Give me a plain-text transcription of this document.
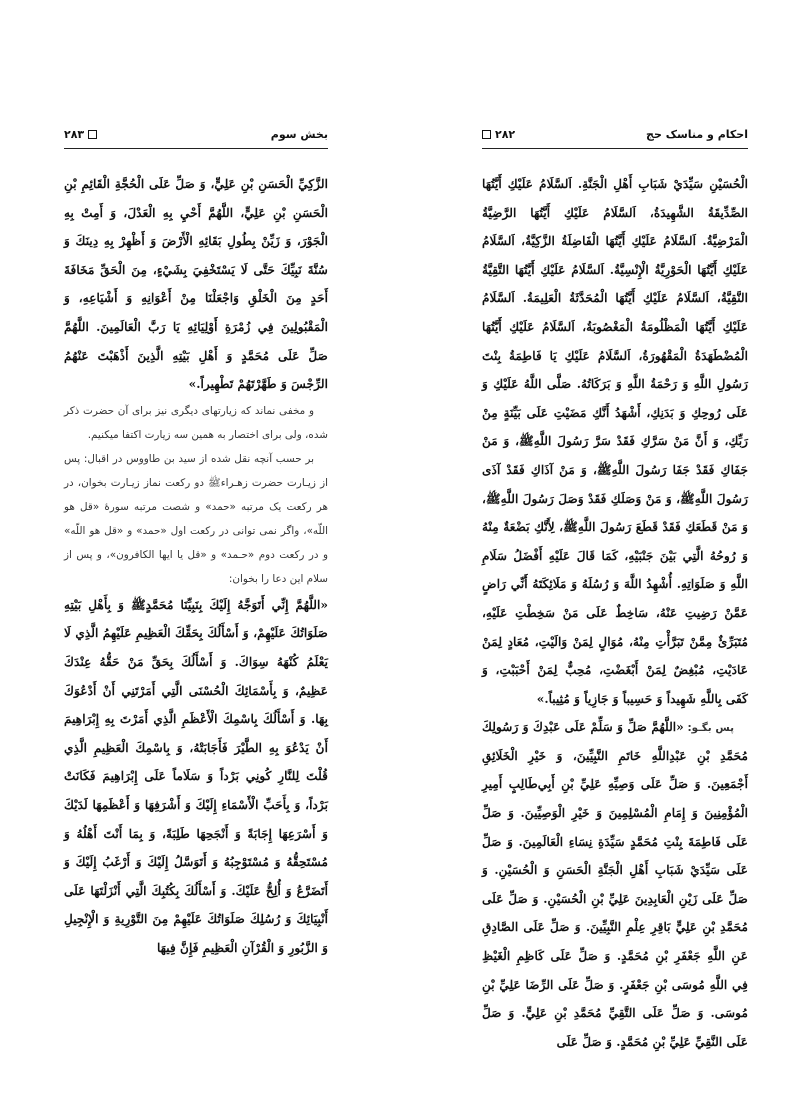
بخش سوم
۲۸۳

الزَّكِيِّ الْحَسَنِ بْنِ عَلِيٍّ، وَ صَلِّ عَلَى الْحُجَّةِ الْقَائِمِ بْنِ الْحَسَنِ بْنِ عَلِيٍّ، اللَّهُمَّ أَحْيِ بِهِ الْعَدْلَ، وَ أَمِتْ بِهِ الْجَوْرَ، وَ زَيِّنْ بِطُولِ بَقَائِهِ الْأَرْضَ وَ أَظْهِرْ بِهِ دِينَكَ وَ سُنَّةَ نَبِيِّكَ حَتَّى لَا يَسْتَخْفِيَ بِشَيْءٍ، مِنَ الْحَقِّ مَخَافَةَ أَحَدٍ مِنَ الْخَلْقِ وَاجْعَلْنَا مِنْ أَعْوَانِهِ وَ أَشْيَاعِهِ، وَ الْمَقْبُولِينَ فِي زُمْرَةِ أَوْلِيَائِهِ يَا رَبَّ الْعَالَمِينَ. اللَّهُمَّ صَلِّ عَلَى مُحَمَّدٍ وَ أَهْلِ بَيْتِهِ الَّذِينَ أَذْهَبْتَ عَنْهُمُ الرِّجْسَ وَ طَهَّرْتَهُمْ تَطْهِيراً.»

و مخفی نماند که زیارتهای دیگری نیز برای آن حضرت ذکر شده، ولی برای اختصار به همین سه زیارت اکتفا میکنیم.

بر حسب آنچه نقل شده از سید بن طاووس در اقبال: پس از زیـارت حضرت زهـراءﷺ دو رکعت نماز زیـارت بخوان، در هر رکعت یک مرتبه «حمد» و شصت مرتبه سورهٔ «قل هو اللّه»، واگر نمی توانی در رکعت اول «حمد» و «قل هو اللّه» و در رکعت دوم «حـمد» و «قل یا ایها الکافرون»، و پس از سلام این دعا را بخوان:

«اللَّهُمَّ إِنِّي أَتَوَجَّهُ إِلَيْكَ بِنَبِيِّنَا مُحَمَّدٍﷺ وَ بِأَهْلِ بَيْتِهِ صَلَوَاتُكَ عَلَيْهِمْ، وَ أَسْأَلُكَ بِحَقِّكَ الْعَظِيمِ عَلَيْهِمُ الَّذِي لَا يَعْلَمُ كُنْهَهُ سِوَاكَ. وَ أَسْأَلُكَ بِحَقِّ مَنْ حَقُّهُ عِنْدَكَ عَظِيمٌ، وَ بِأَسْمَائِكَ الْحُسْنَى الَّتِي أَمَرْتَنِي أَنْ أَدْعُوَكَ بِهَا. وَ أَسْأَلُكَ بِاسْمِكَ الْأَعْظَمِ الَّذِي أَمَرْتَ بِهِ إِبْرَاهِيمَ أَنْ يَدْعُوَ بِهِ الطَّيْرَ فَأَجَابَتْهُ، وَ بِاسْمِكَ الْعَظِيمِ الَّذِي قُلْتَ لِلنَّارِ كُونِي بَرْداً وَ سَلَاماً عَلَى إِبْرَاهِيمَ فَكَانَتْ بَرْداً، وَ بِأَحَبِّ الْأَسْمَاءِ إِلَيْكَ وَ أَشْرَفِهَا وَ أَعْظَمِهَا لَدَيْكَ وَ أَسْرَعِهَا إِجَابَةً وَ أَنْجَحِهَا طَلِبَةً، وَ بِمَا أَنْتَ أَهْلُهُ وَ مُسْتَحِقُّهُ وَ مُسْتَوْجِبُهُ وَ أَتَوَسَّلُ إِلَيْكَ وَ أَرْغَبُ إِلَيْكَ وَ أَتَضَرَّعُ وَ أُلِحُّ عَلَيْكَ. وَ أَسْأَلُكَ بِكُتُبِكَ الَّتِي أَنْزَلْتَهَا عَلَى أَنْبِيَائِكَ وَ رُسُلِكَ صَلَوَاتُكَ عَلَيْهِمْ مِنَ التَّوْرِيةِ وَ الْإِنْجِيلِ وَ الزَّبُورِ وَ الْقُرْآنِ الْعَظِيمِ فَإِنَّ فِيهَا

احکام و مناسک حج
۲۸۲

الْحُسَيْنِ سَيِّدَيْ شَبَابِ أَهْلِ الْجَنَّةِ. اَلسَّلَامُ عَلَيْكِ أَيَّتُهَا الصِّدِّيقَةُ الشَّهِيدَةُ، اَلسَّلَامُ عَلَيْكِ أَيَّتُهَا الرَّضِيَّةُ الْمَرْضِيَّةُ. اَلسَّلَامُ عَلَيْكِ أَيَّتُهَا الْفَاضِلَةُ الزَّكِيَّةُ، اَلسَّلَامُ عَلَيْكِ أَيَّتُهَا الْحَوْرِيَّةُ الْإِنْسِيَّةُ. اَلسَّلَامُ عَلَيْكِ أَيَّتُهَا التَّقِيَّةُ النَّقِيَّةُ، اَلسَّلَامُ عَلَيْكِ أَيَّتُهَا الْمُحَدَّثَةُ الْعَلِيمَةُ. اَلسَّلَامُ عَلَيْكِ أَيَّتُهَا الْمَظْلُومَةُ الْمَغْصُوبَةُ، اَلسَّلَامُ عَلَيْكِ أَيَّتُهَا الْمُضْطَهَدَةُ الْمَقْهُورَةُ، اَلسَّلَامُ عَلَيْكِ يَا فَاطِمَةُ بِنْتَ رَسُولِ اللَّهِ وَ رَحْمَةُ اللَّهِ وَ بَرَكَاتُهُ. صَلَّى اللَّهُ عَلَيْكِ وَ عَلَى رُوحِكِ وَ بَدَنِكِ، أَشْهَدُ أَنَّكِ مَضَيْتِ عَلَى بَيِّنَةٍ مِنْ رَبِّكِ، وَ أَنَّ مَنْ سَرَّكِ فَقَدْ سَرَّ رَسُولَ اللَّهِﷺ، وَ مَنْ جَفَاكِ فَقَدْ جَفَا رَسُولَ اللَّهِﷺ، وَ مَنْ آذَاكِ فَقَدْ آذَى رَسُولَ اللَّهِﷺ، وَ مَنْ وَصَلَكِ فَقَدْ وَصَلَ رَسُولَ اللَّهِﷺ، وَ مَنْ قَطَعَكِ فَقَدْ قَطَعَ رَسُولَ اللَّهِﷺ، لِأَنَّكِ بَضْعَةٌ مِنْهُ وَ رُوحُهُ الَّتِي بَيْنَ جَنْبَيْهِ، كَمَا قَالَ عَلَيْهِ أَفْضَلُ سَلَامِ اللَّهِ وَ صَلَوَاتِهِ. أُشْهِدُ اللَّهَ وَ رُسُلَهُ وَ مَلَائِكَتَهُ أَنِّي رَاضٍ عَمَّنْ رَضِيتِ عَنْهُ، سَاخِطٌ عَلَى مَنْ سَخِطْتِ عَلَيْهِ، مُتَبَرِّئٌ مِمَّنْ تَبَرَّأْتِ مِنْهُ، مُوَالٍ لِمَنْ وَالَيْتِ، مُعَادٍ لِمَنْ عَادَيْتِ، مُبْغِضٌ لِمَنْ أَبْغَضْتِ، مُحِبٌّ لِمَنْ أَحْبَبْتِ، وَ كَفَى بِاللَّهِ شَهِيداً وَ حَسِيباً وَ جَازِياً وَ مُثِيباً.»

پس بگـو: «اللَّهُمَّ صَلِّ وَ سَلِّمْ عَلَى عَبْدِكَ وَ رَسُولِكَ مُحَمَّدِ بْنِ عَبْدِاللَّهِ خَاتَمِ النَّبِيِّينَ، وَ خَيْرِ الْخَلَائِقِ أَجْمَعِينَ. وَ صَلِّ عَلَى وَصِيِّهِ عَلِيِّ بْنِ أَبِي‌طَالِبٍ أَمِيرِ الْمُؤْمِنِينَ وَ إِمَامِ الْمُسْلِمِينَ وَ خَيْرِ الْوَصِيِّينَ. وَ صَلِّ عَلَى فَاطِمَةَ بِنْتِ مُحَمَّدٍ سَيِّدَةِ نِسَاءِ الْعَالَمِينَ. وَ صَلِّ عَلَى سَيِّدَيْ شَبَابِ أَهْلِ الْجَنَّةِ الْحَسَنِ وَ الْحُسَيْنِ. وَ صَلِّ عَلَى زَيْنِ الْعَابِدِينَ عَلِيِّ بْنِ الْحُسَيْنِ. وَ صَلِّ عَلَى مُحَمَّدِ بْنِ عَلِيٍّ بَاقِرِ عِلْمِ النَّبِيِّينَ. وَ صَلِّ عَلَى الصَّادِقِ عَنِ اللَّهِ جَعْفَرِ بْنِ مُحَمَّدٍ. وَ صَلِّ عَلَى كَاظِمِ الْغَيْظِ فِي اللَّهِ مُوسَى بْنِ جَعْفَرٍ. وَ صَلِّ عَلَى الرِّضَا عَلِيِّ بْنِ مُوسَى. وَ صَلِّ عَلَى التَّقِيِّ مُحَمَّدِ بْنِ عَلِيٍّ. وَ صَلِّ عَلَى النَّقِيِّ عَلِيِّ بْنِ مُحَمَّدٍ. وَ صَلِّ عَلَى
